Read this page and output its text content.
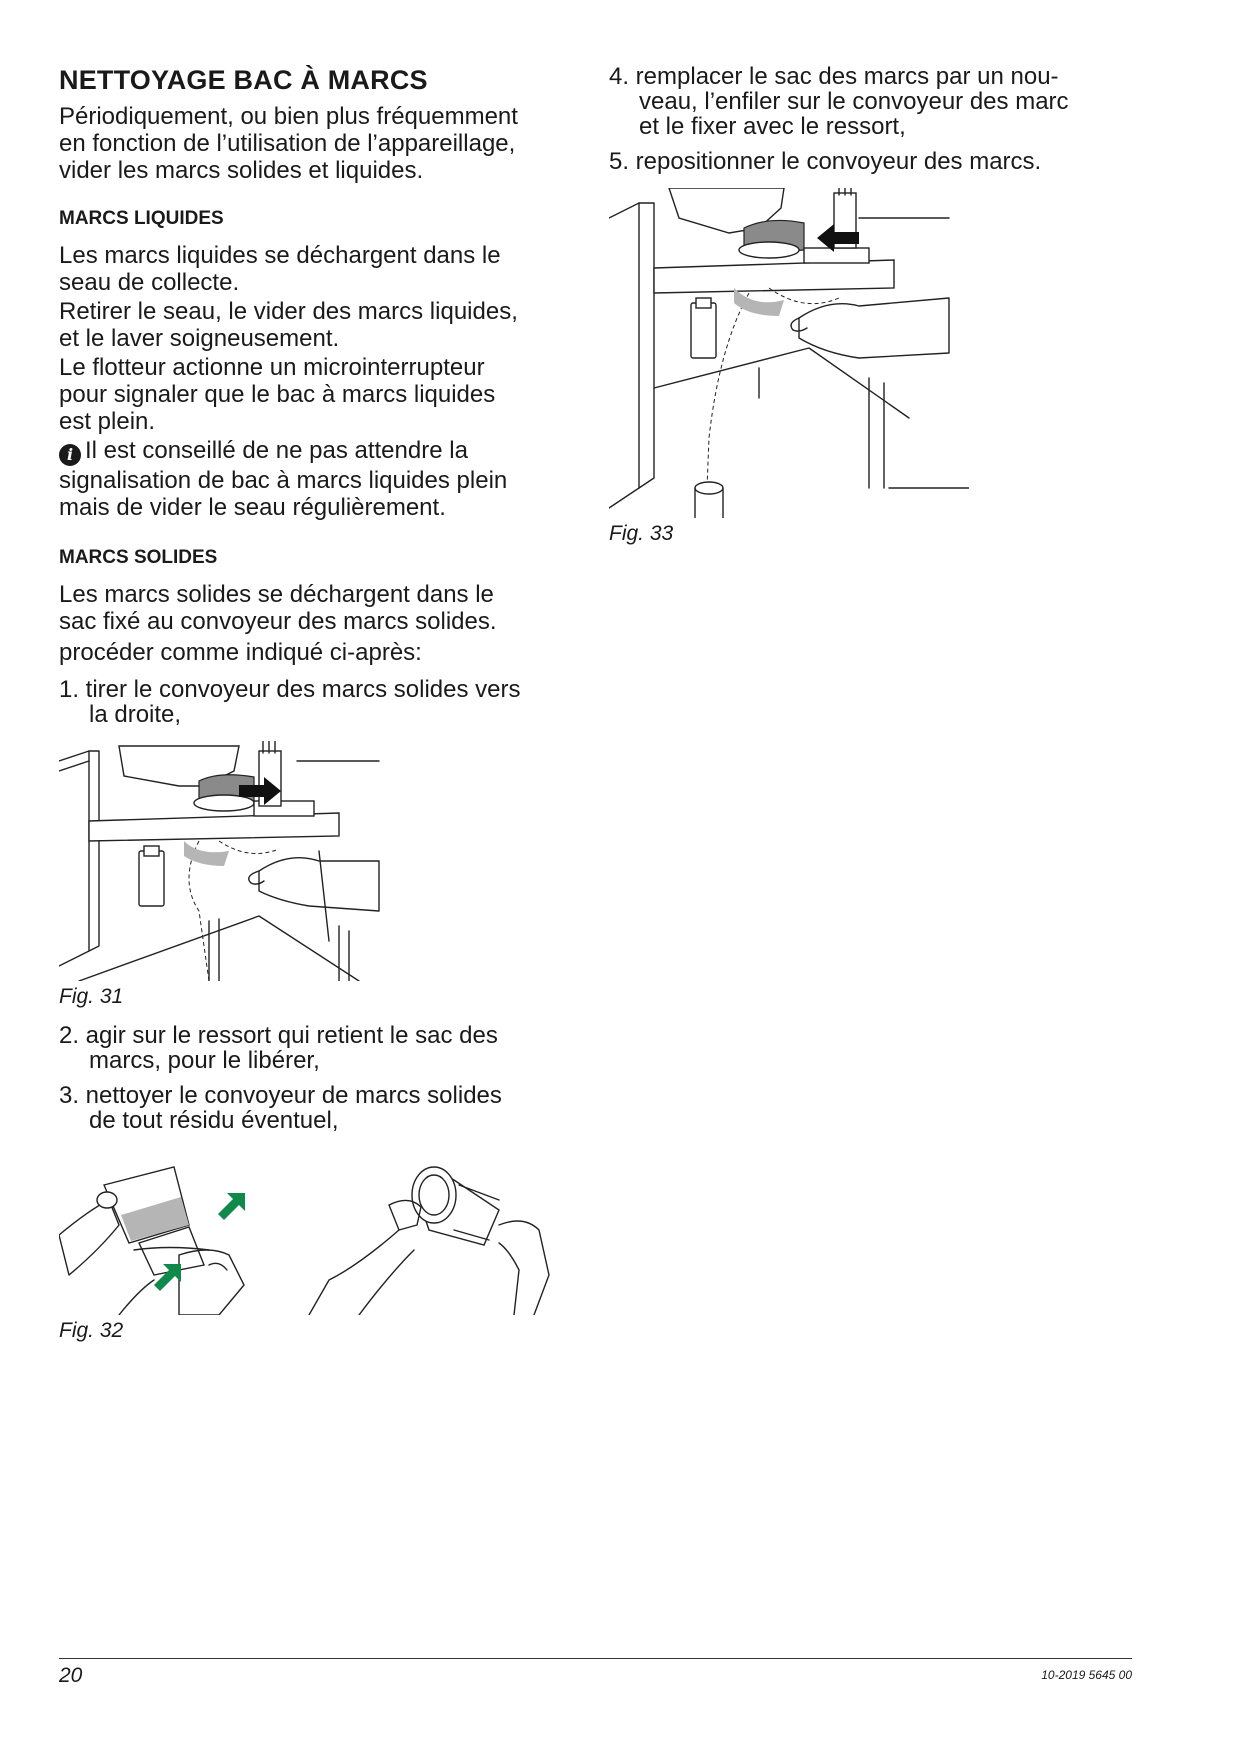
NETTOYAGE BAC À MARCS

Périodiquement, ou bien plus fréquemment

en fonction de l’utilisation de l’appareillage,

vider les marcs solides et liquides.

MARCS LIQUIDES

Les marcs liquides se déchargent dans le

seau de collecte.

Retirer le seau, le vider des marcs liquides,

et le laver soigneusement.

Le flotteur actionne un microinterrupteur

pour signaler que le bac à marcs liquides

est plein.

i Il est conseillé de ne pas attendre la

signalisation de bac à marcs liquides plein

mais de vider le seau régulièrement.

MARCS SOLIDES

Les marcs solides se déchargent dans le

sac fixé au convoyeur des marcs solides.

procéder comme indiqué ci-après:

1. tirer le convoyeur des marcs solides vers
la droite,

Fig. 31

2. agir sur le ressort qui retient le sac des
marcs, pour le libérer,
3. nettoyer le convoyeur de marcs solides
de tout résidu éventuel,

Fig. 32

4. remplacer le sac des marcs par un nou-
veau, l’enfiler sur le convoyeur des marc
et le fixer avec le ressort,
5. repositionner le convoyeur des marcs.

Fig. 33

20	10-2019 5645 00
